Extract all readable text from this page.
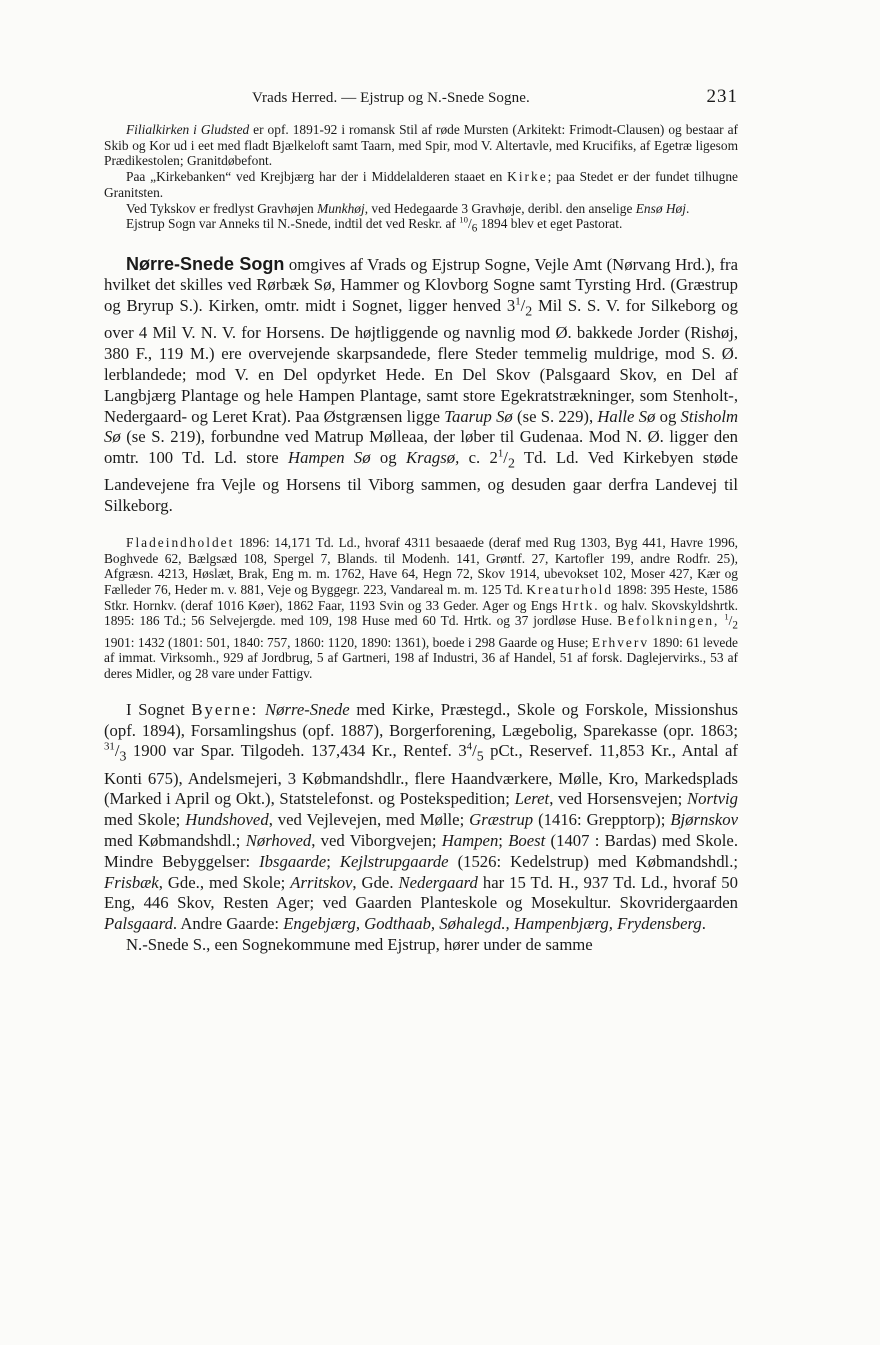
Vrads Herred. — Ejstrup og N.-Snede Sogne.	231

Filialkirken i Gludsted er opf. 1891-92 i romansk Stil af røde Mursten (Arkitekt: Frimodt-Clausen) og bestaar af Skib og Kor ud i eet med fladt Bjælkeloft samt Taarn, med Spir, mod V. Altertavle, med Krucifiks, af Egetræ ligesom Prædikestolen; Granitdøbefont.

Paa „Kirkebanken“ ved Krejbjærg har der i Middelalderen staaet en Kirke; paa Stedet er der fundet tilhugne Granitsten.

Ved Tykskov er fredlyst Gravhøjen Munkhøj, ved Hedegaarde 3 Gravhøje, deribl. den anselige Ensø Høj.

Ejstrup Sogn var Anneks til N.-Snede, indtil det ved Reskr. af $^{10}/_6$ 1894 blev et eget Pastorat.

Nørre-Snede Sogn omgives af Vrads og Ejstrup Sogne, Vejle Amt (Nørvang Hrd.), fra hvilket det skilles ved Rørbæk Sø, Hammer og Klovborg Sogne samt Tyrsting Hrd. (Græstrup og Bryrup S.). Kirken, omtr. midt i Sognet, ligger henved $3^1/_2$ Mil S. S. V. for Silkeborg og over 4 Mil V. N. V. for Horsens. De højtliggende og navnlig mod Ø. bakkede Jorder (Rishøj, 380 F., 119 M.) ere overvejende skarpsandede, flere Steder temmelig muldrige, mod S. Ø. lerblandede; mod V. en Del opdyrket Hede. En Del Skov (Palsgaard Skov, en Del af Langbjærg Plantage og hele Hampen Plantage, samt store Egekratstrækninger, som Stenholt-, Nedergaard- og Leret Krat). Paa Østgrænsen ligge Taarup Sø (se S. 229), Halle Sø og Stisholm Sø (se S. 219), forbundne ved Matrup Mølleaa, der løber til Gudenaa. Mod N. Ø. ligger den omtr. 100 Td. Ld. store Hampen Sø og Kragsø, c. $2^1/_2$ Td. Ld. Ved Kirkebyen støde Landevejene fra Vejle og Horsens til Viborg sammen, og desuden gaar derfra Landevej til Silkeborg.

Fladeindholdet 1896: 14,171 Td. Ld., hvoraf 4311 besaaede (deraf med Rug 1303, Byg 441, Havre 1996, Boghvede 62, Bælgsæd 108, Spergel 7, Blands. til Modenh. 141, Grøntf. 27, Kartofler 199, andre Rodfr. 25), Afgræsn. 4213, Høslæt, Brak, Eng m. m. 1762, Have 64, Hegn 72, Skov 1914, ubevokset 102, Moser 427, Kær og Fælleder 76, Heder m. v. 881, Veje og Byggegr. 223, Vandareal m. m. 125 Td. Kreaturhold 1898: 395 Heste, 1586 Stkr. Hornkv. (deraf 1016 Køer), 1862 Faar, 1193 Svin og 33 Geder. Ager og Engs Hrtk. og halv. Skovskyldshrtk. 1895: 186 Td.; 56 Selvejergde. med 109, 198 Huse med 60 Td. Hrtk. og 37 jordløse Huse. Befolkningen, $^1/_2$ 1901: 1432 (1801: 501, 1840: 757, 1860: 1120, 1890: 1361), boede i 298 Gaarde og Huse; Erhverv 1890: 61 levede af immat. Virksomh., 929 af Jordbrug, 5 af Gartneri, 198 af Industri, 36 af Handel, 51 af forsk. Daglejervirks., 53 af deres Midler, og 28 vare under Fattigv.

I Sognet Byerne: Nørre-Snede med Kirke, Præstegd., Skole og Forskole, Missionshus (opf. 1894), Forsamlingshus (opf. 1887), Borgerforening, Lægebolig, Sparekasse (opr. 1863; $^{31}/_3$ 1900 var Spar. Tilgodeh. 137,434 Kr., Rentef. $3^4/_5$ pCt., Reservef. 11,853 Kr., Antal af Konti 675), Andelsmejeri, 3 Købmandshdlr., flere Haandværkere, Mølle, Kro, Markedsplads (Marked i April og Okt.), Statstelefonst. og Postekspedition; Leret, ved Horsensvejen; Nortvig med Skole; Hundshoved, ved Vejlevejen, med Mølle; Græstrup (1416: Grepptorp); Bjørnskov med Købmandshdl.; Nørhoved, ved Viborgvejen; Hampen; Boest (1407 : Bardas) med Skole. Mindre Bebyggelser: Ibsgaarde; Kejlstrupgaarde (1526: Kedelstrup) med Købmandshdl.; Frisbæk, Gde., med Skole; Arritskov, Gde. Nedergaard har 15 Td. H., 937 Td. Ld., hvoraf 50 Eng, 446 Skov, Resten Ager; ved Gaarden Planteskole og Mosekultur. Skovridergaarden Palsgaard. Andre Gaarde: Engebjærg, Godthaab, Søhalegd., Hampenbjærg, Frydensberg.

N.-Snede S., een Sognekommune med Ejstrup, hører under de samme
